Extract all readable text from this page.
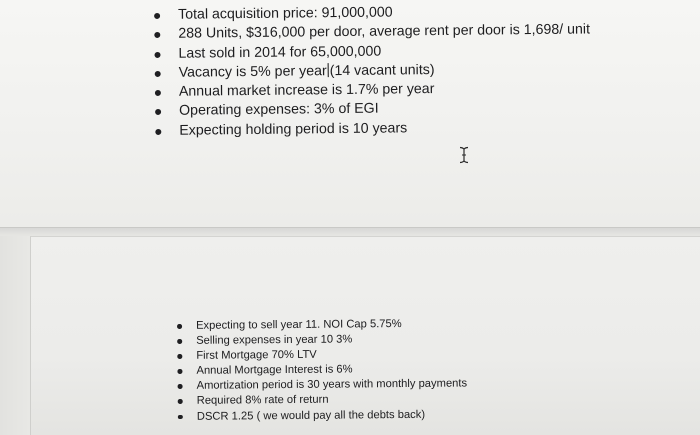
Total acquisition price: 91,000,000
288 Units, $316,000 per door, average rent per door is 1,698/ unit
Last sold in 2014 for 65,000,000
Vacancy is 5% per year (14 vacant units)
Annual market increase is 1.7% per year
Operating expenses: 3% of EGI
Expecting holding period is 10 years
Expecting to sell year 11. NOI Cap 5.75%
Selling expenses in year 10 3%
First Mortgage 70% LTV
Annual Mortgage Interest is 6%
Amortization period is 30 years with monthly payments
Required 8% rate of return
DSCR 1.25 ( we would pay all the debts back)
